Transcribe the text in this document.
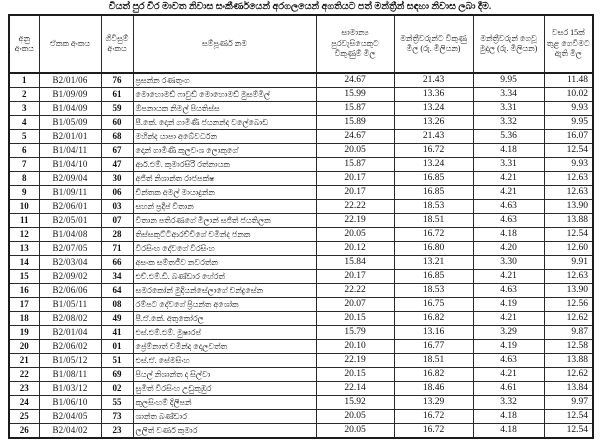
වියත් පුර වීර මාවත නිවාස සංකීර්ණයෙන් අරගලයෙන් අගතියට පත් මන්ත්‍රීන් සඳහා නිවාස ලබා දීම.
අනු අංකය	ඒකක අංකය	ගිවිසුම් අංකය	සම්පූර්ණ නම	සාමාන්‍ය පුරවැසියෙකුට විකුණුම් මිල	මන්ත්‍රීවරුන්ට විකුණු මිල (රු. මිලියන)	මන්ත්‍රීවරුන් ගෙවූ මුදල (රු. මිලියන)	වසර 15ක් තුළ ගෙවීමට ඇති මිල
1	B2/01/06	76	ප්‍රසන්න රණතුංග	24.67	21.43	9.95	11.48
2	B1/09/09	61	මොහොමඩ් ෆාවුඩ් මොහොමඩ් මුසම්මිල්	15.99	13.36	3.34	10.02
3	B1/04/09	59	ඕපනායක නිමල් පියතිස්ස	15.87	13.24	3.31	9.93
4	B1/05/09	60	පී.කේ. දොන් ගාමිණී ජයනන්ද වලේබොඩ	15.89	13.26	3.32	9.95
5	B2/01/01	68	මහින්ද යාපා අබේවර්ධන	24.67	21.43	5.36	16.07
6	B1/04/11	67	දොන් ගාමිණී කුලවංශ ලොකුගේ	20.05	16.72	4.18	12.54
7	B1/04/10	47	ආර්.එම්. කුමාරසිරි රත්නායක	15.87	13.24	3.31	9.93
8	B2/09/04	30	අජිත් නිශාන්ත රාජපක්ෂ	20.17	16.85	4.21	12.63
9	B1/09/11	06	චින්තක අමල් මායාදුන්න	20.17	16.85	4.21	12.63
10	B2/06/01	03	සහන් ප්‍රදීප් විතාන	22.22	18.53	4.63	13.90
11	B2/05/01	07	විතාන පතිරණගේ මිලාන් සජිත් ජයතිලක	22.19	18.51	4.63	13.88
12	B1/04/08	28	තිස්සකුට්ටිආරච්චිගේ චමින්ද ජනක	20.05	16.72	4.18	12.54
13	B2/07/05	71	වීරසිංහ දේවගේ වීරසිංහ	20.12	16.80	4.20	12.60
14	B2/03/04	66	අසංක සම්තජීව නවරත්න	15.84	13.21	3.30	9.91
15	B2/09/02	34	එච්.එම්.ඩී. බණ්ඩාර හේරත්	20.17	16.85	4.21	12.63
16	B2/06/06	64	සමරකෝන් මුදියන්සේලාගේ චන්ද්‍රසේන	22.22	18.53	4.63	13.90
17	B1/05/11	08	රම්පට දේවගේ ප්‍රියන්ත අශෝක	20.07	16.75	4.19	12.56
18	B2/08/02	49	පී.ඒ.කේ. අතුකෝරල	20.15	16.82	4.21	12.62
19	B2/01/04	41	එස්.එම්.එම්. මුෂාරප්	15.79	13.16	3.29	9.87
20	B2/06/02	01	ප්‍රේම්නාත් චමින්ද දොලවත්ත	20.10	16.77	4.19	12.58
21	B1/05/12	51	එස්.ඒ. සේමසිංහ	22.19	18.51	4.63	13.88
22	B1/08/11	69	පියල් නිශාන්ත ද සිල්වා	20.15	16.82	4.21	12.62
23	B1/03/12	02	සුමිත් වීරසිංහ උඩුකුඹුර	22.14	18.46	4.61	13.84
24	B1/06/10	55	කුලසිංහම් දිලීපන්	15.92	13.29	3.32	9.97
25	B2/04/05	73	ශාන්ත බණ්ඩාර	20.05	16.72	4.18	12.54
26	B2/04/02	23	ලලිත් වර්ණ කුමාර	20.05	16.72	4.18	12.54
